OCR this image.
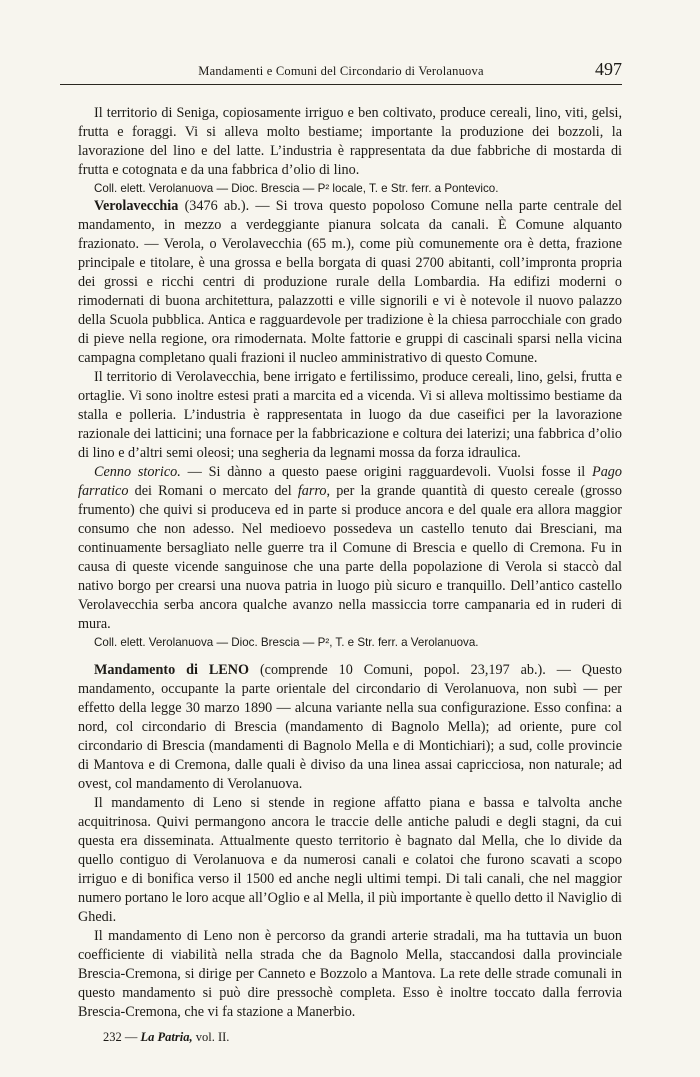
Mandamenti e Comuni del Circondario di Verolanuova	497

Il territorio di Seniga, copiosamente irriguo e ben coltivato, produce cereali, lino, viti, gelsi, frutta e foraggi. Vi si alleva molto bestiame; importante la produzione dei bozzoli, la lavorazione del lino e del latte. L’industria è rappresentata da due fabbriche di mostarda di frutta e cotognata e da una fabbrica d’olio di lino.

Coll. elett. Verolanuova — Dioc. Brescia — P² locale, T. e Str. ferr. a Pontevico.

Verolavecchia (3476 ab.). — Si trova questo popoloso Comune nella parte centrale del mandamento, in mezzo a verdeggiante pianura solcata da canali. È Comune alquanto frazionato. — Verola, o Verolavecchia (65 m.), come più comunemente ora è detta, frazione principale e titolare, è una grossa e bella borgata di quasi 2700 abitanti, coll’impronta propria dei grossi e ricchi centri di produzione rurale della Lombardia. Ha edifizi moderni o rimodernati di buona architettura, palazzotti e ville signorili e vi è notevole il nuovo palazzo della Scuola pubblica. Antica e ragguardevole per tradizione è la chiesa parrocchiale con grado di pieve nella regione, ora rimodernata. Molte fattorie e gruppi di cascinali sparsi nella vicina campagna completano quali frazioni il nucleo amministrativo di questo Comune.

Il territorio di Verolavecchia, bene irrigato e fertilissimo, produce cereali, lino, gelsi, frutta e ortaglie. Vi sono inoltre estesi prati a marcita ed a vicenda. Vi si alleva moltissimo bestiame da stalla e polleria. L’industria è rappresentata in luogo da due caseifici per la lavorazione razionale dei latticini; una fornace per la fabbricazione e coltura dei laterizi; una fabbrica d’olio di lino e d’altri semi oleosi; una segheria da legnami mossa da forza idraulica.

Cenno storico. — Si dànno a questo paese origini ragguardevoli. Vuolsi fosse il Pago farratico dei Romani o mercato del farro, per la grande quantità di questo cereale (grosso frumento) che quivi si produceva ed in parte si produce ancora e del quale era allora maggior consumo che non adesso. Nel medioevo possedeva un castello tenuto dai Bresciani, ma continuamente bersagliato nelle guerre tra il Comune di Brescia e quello di Cremona. Fu in causa di queste vicende sanguinose che una parte della popolazione di Verola si staccò dal nativo borgo per crearsi una nuova patria in luogo più sicuro e tranquillo. Dell’antico castello Verolavecchia serba ancora qualche avanzo nella massiccia torre campanaria ed in ruderi di mura.

Coll. elett. Verolanuova — Dioc. Brescia — P², T. e Str. ferr. a Verolanuova.

Mandamento di LENO (comprende 10 Comuni, popol. 23,197 ab.). — Questo mandamento, occupante la parte orientale del circondario di Verolanuova, non subì — per effetto della legge 30 marzo 1890 — alcuna variante nella sua configurazione. Esso confina: a nord, col circondario di Brescia (mandamento di Bagnolo Mella); ad oriente, pure col circondario di Brescia (mandamenti di Bagnolo Mella e di Montichiari); a sud, colle provincie di Mantova e di Cremona, dalle quali è diviso da una linea assai capricciosa, non naturale; ad ovest, col mandamento di Verolanuova.

Il mandamento di Leno si stende in regione affatto piana e bassa e talvolta anche acquitrinosa. Quivi permangono ancora le traccie delle antiche paludi e degli stagni, da cui questa era disseminata. Attualmente questo territorio è bagnato dal Mella, che lo divide da quello contiguo di Verolanuova e da numerosi canali e colatoi che furono scavati a scopo irriguo e di bonifica verso il 1500 ed anche negli ultimi tempi. Di tali canali, che nel maggior numero portano le loro acque all’Oglio e al Mella, il più importante è quello detto il Naviglio di Ghedi.

Il mandamento di Leno non è percorso da grandi arterie stradali, ma ha tuttavia un buon coefficiente di viabilità nella strada che da Bagnolo Mella, staccandosi dalla provinciale Brescia-Cremona, si dirige per Canneto e Bozzolo a Mantova. La rete delle strade comunali in questo mandamento si può dire pressochè completa. Esso è inoltre toccato dalla ferrovia Brescia-Cremona, che vi fa stazione a Manerbio.

232 — La Patria, vol. II.
